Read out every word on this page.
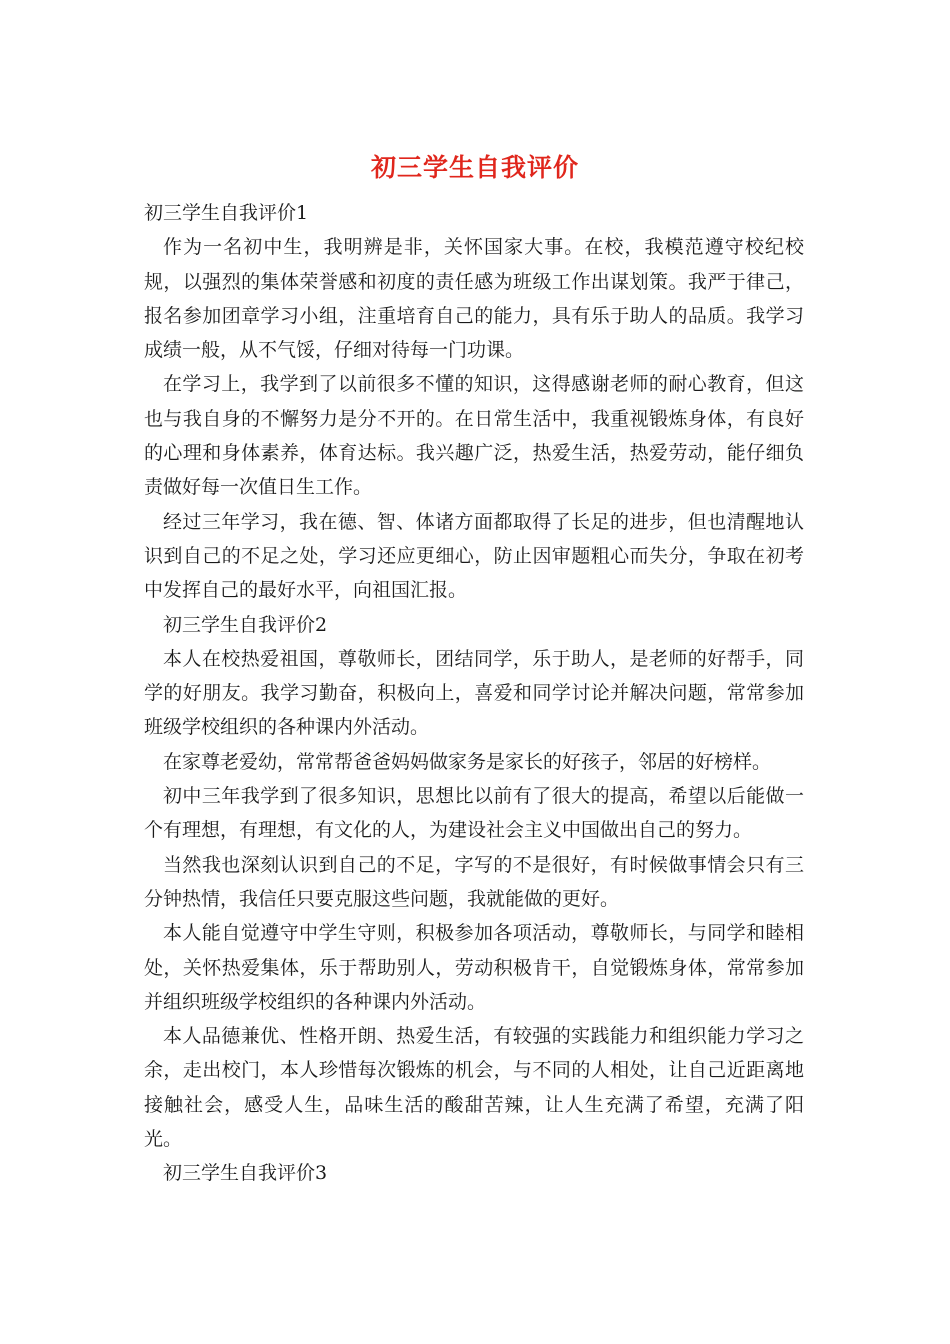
初三学生自我评价

初三学生自我评价1

作为一名初中生，我明辨是非，关怀国家大事。在校，我模范遵守校纪校规，以强烈的集体荣誉感和初度的责任感为班级工作出谋划策。我严于律己，报名参加团章学习小组，注重培育自己的能力，具有乐于助人的品质。我学习成绩一般，从不气馁，仔细对待每一门功课。

在学习上，我学到了以前很多不懂的知识，这得感谢老师的耐心教育，但这也与我自身的不懈努力是分不开的。在日常生活中，我重视锻炼身体，有良好的心理和身体素养，体育达标。我兴趣广泛，热爱生活，热爱劳动，能仔细负责做好每一次值日生工作。

经过三年学习，我在德、智、体诸方面都取得了长足的进步，但也清醒地认识到自己的不足之处，学习还应更细心，防止因审题粗心而失分，争取在初考中发挥自己的最好水平，向祖国汇报。

初三学生自我评价2

本人在校热爱祖国，尊敬师长，团结同学，乐于助人，是老师的好帮手，同学的好朋友。我学习勤奋，积极向上，喜爱和同学讨论并解决问题，常常参加班级学校组织的各种课内外活动。

在家尊老爱幼，常常帮爸爸妈妈做家务是家长的好孩子，邻居的好榜样。

初中三年我学到了很多知识，思想比以前有了很大的提高，希望以后能做一个有理想，有理想，有文化的人，为建设社会主义中国做出自己的努力。

当然我也深刻认识到自己的不足，字写的不是很好，有时候做事情会只有三分钟热情，我信任只要克服这些问题，我就能做的更好。

本人能自觉遵守中学生守则，积极参加各项活动，尊敬师长，与同学和睦相处，关怀热爱集体，乐于帮助别人，劳动积极肯干，自觉锻炼身体，常常参加并组织班级学校组织的各种课内外活动。

本人品德兼优、性格开朗、热爱生活，有较强的实践能力和组织能力学习之余，走出校门，本人珍惜每次锻炼的机会，与不同的人相处，让自己近距离地接触社会，感受人生，品味生活的酸甜苦辣，让人生充满了希望，充满了阳光。

初三学生自我评价3
